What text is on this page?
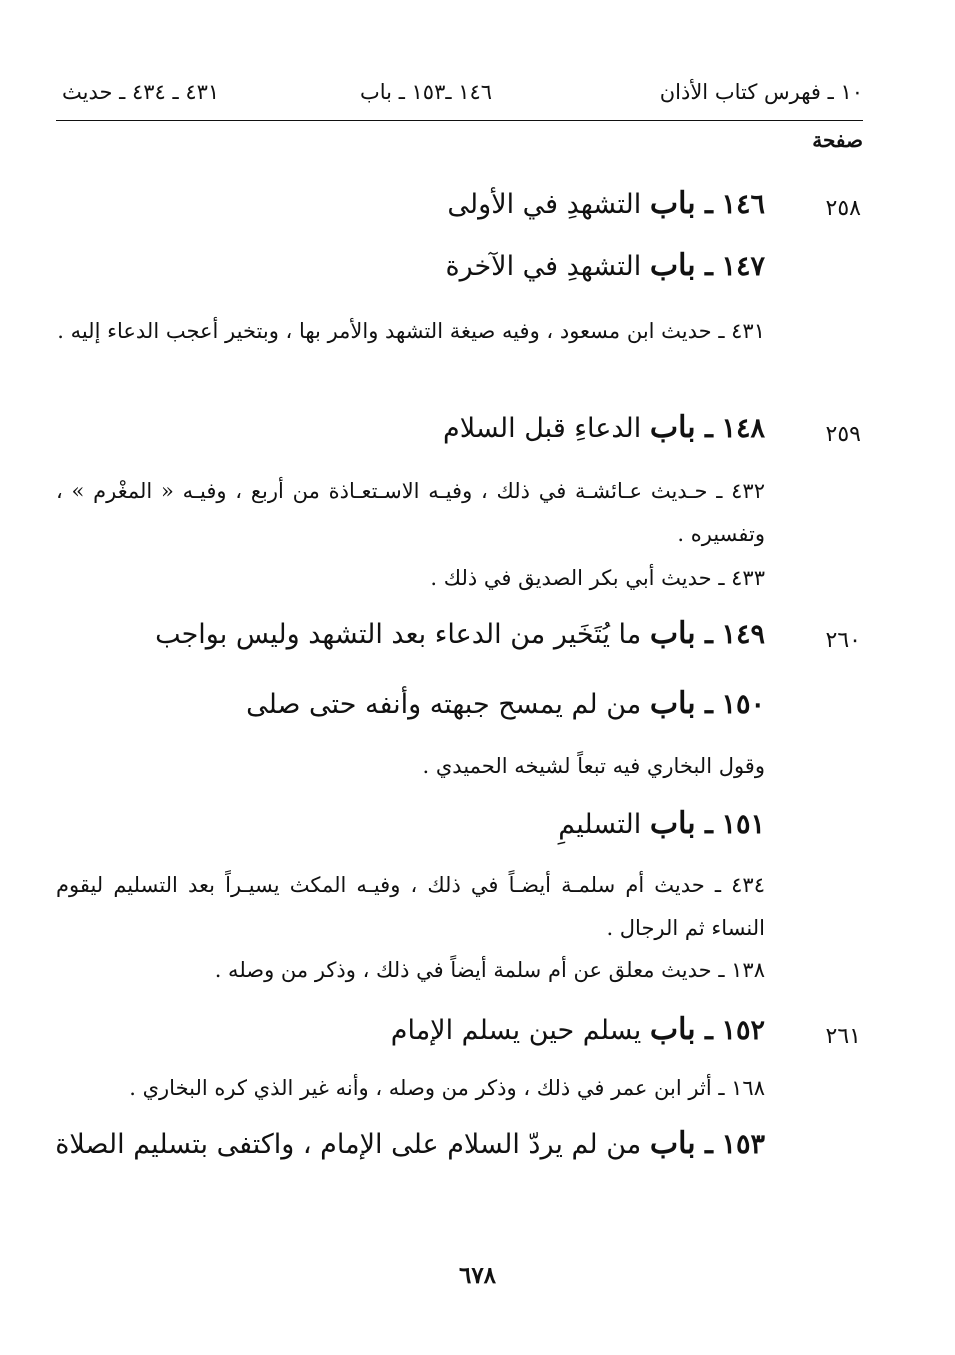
١٠ ـ فهرس كتاب الأذان
١٤٦ ـ١٥٣ ـ باب
٤٣١ ـ ٤٣٤ ـ حديث
صفحة
٢٥٨
١٤٦ ـ باب التشهدِ في الأولى
١٤٧ ـ باب التشهدِ في الآخرة
٤٣١ ـ حديث ابن مسعود ، وفيه صيغة التشهد والأمر بها ، وبتخير أعجب الدعاء إليه .
٢٥٩
١٤٨ ـ باب الدعاءِ قبل السلام
٤٣٢ ـ حـديث عـائشـة في ذلك ، وفيـه الاسـتعـاذة من أربع ، وفيـه « المغْرم » ، وتفسيره .
٤٣٣ ـ حديث أبي بكر الصديق في ذلك .
٢٦٠
١٤٩ ـ باب ما يُتَخَير من الدعاء بعد التشهد وليس بواجب
١٥٠ ـ باب من لم يمسح جبهته وأنفه حتى صلى
وقول البخاري فيه تبعاً لشيخه الحميدي .
١٥١ ـ باب التسليمِ
٤٣٤ ـ حديث أم سلمـة أيضـاً في ذلك ، وفيـه المكث يسيـراً بعد التسليم ليقوم النساء ثم الرجال .
١٣٨ ـ حديث معلق عن أم سلمة أيضاً في ذلك ، وذكر من وصله .
٢٦١
١٥٢ ـ باب يسلم حين يسلم الإمام
١٦٨ ـ أثر ابن عمر في ذلك ، وذكر من وصله ، وأنه غير الذي كره البخاري .
١٥٣ ـ باب من لم يردّ السلام على الإمام ، واكتفى بتسليم الصلاة
٦٧٨
